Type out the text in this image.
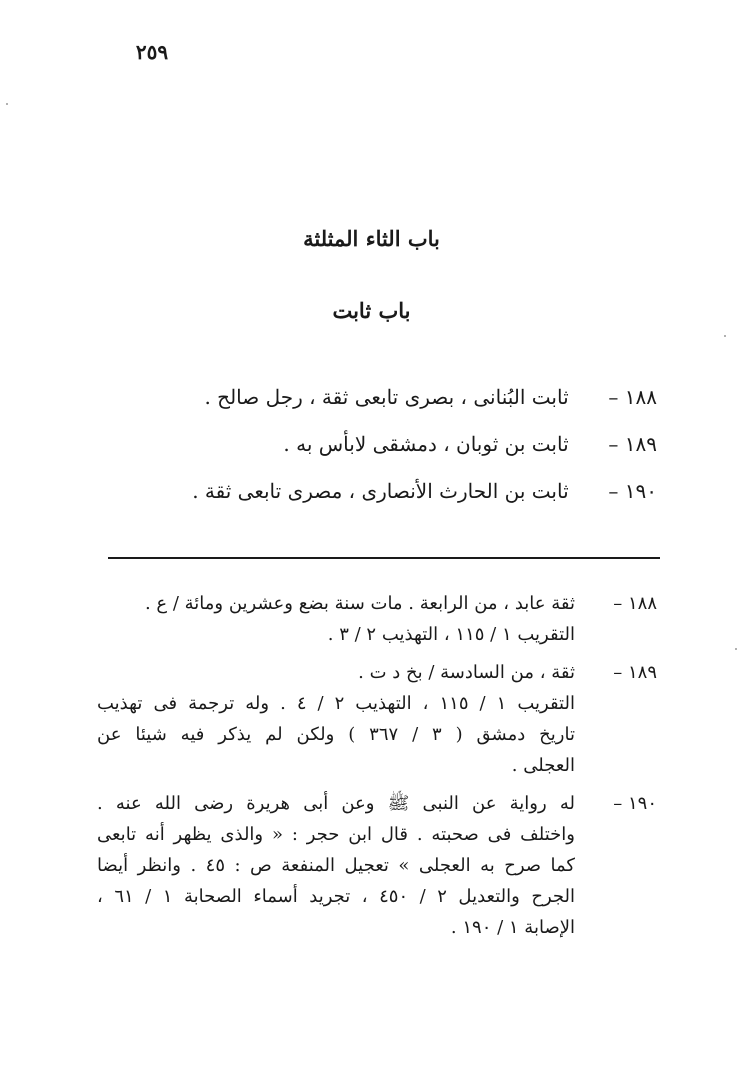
٢٥٩
باب الثاء المثلثة
باب ثابت
١٨٨ – ثابت البُنانى ، بصرى تابعى ثقة ، رجل صالح .
١٨٩ – ثابت بن ثوبان ، دمشقى لابأس به .
١٩٠ – ثابت بن الحارث الأنصارى ، مصرى تابعى ثقة .
١٨٨ –
ثقة عابد ، من الرابعة . مات سنة بضع وعشرين ومائة / ع .
التقريب ١ / ١١٥ ، التهذيب ٢ / ٣ .
١٨٩ –
ثقة ، من السادسة / بخ د ت .
التقريب ١ / ١١٥ ، التهذيب ٢ / ٤ . وله ترجمة فى تهذيب
تاريخ دمشق ( ٣ / ٣٦٧ ) ولكن لم يذكر فيه شيئا عن
العجلى .
١٩٠ –
له رواية عن النبى ﷺ وعن أبى هريرة رضى الله عنه .
واختلف فى صحبته . قال ابن حجر : « والذى يظهر أنه تابعى
كما صرح به العجلى » تعجيل المنفعة ص : ٤٥ . وانظر أيضا
الجرح والتعديل ٢ / ٤٥٠ ، تجريد أسماء الصحابة ١ / ٦١ ،
الإصابة ١ / ١٩٠ .
